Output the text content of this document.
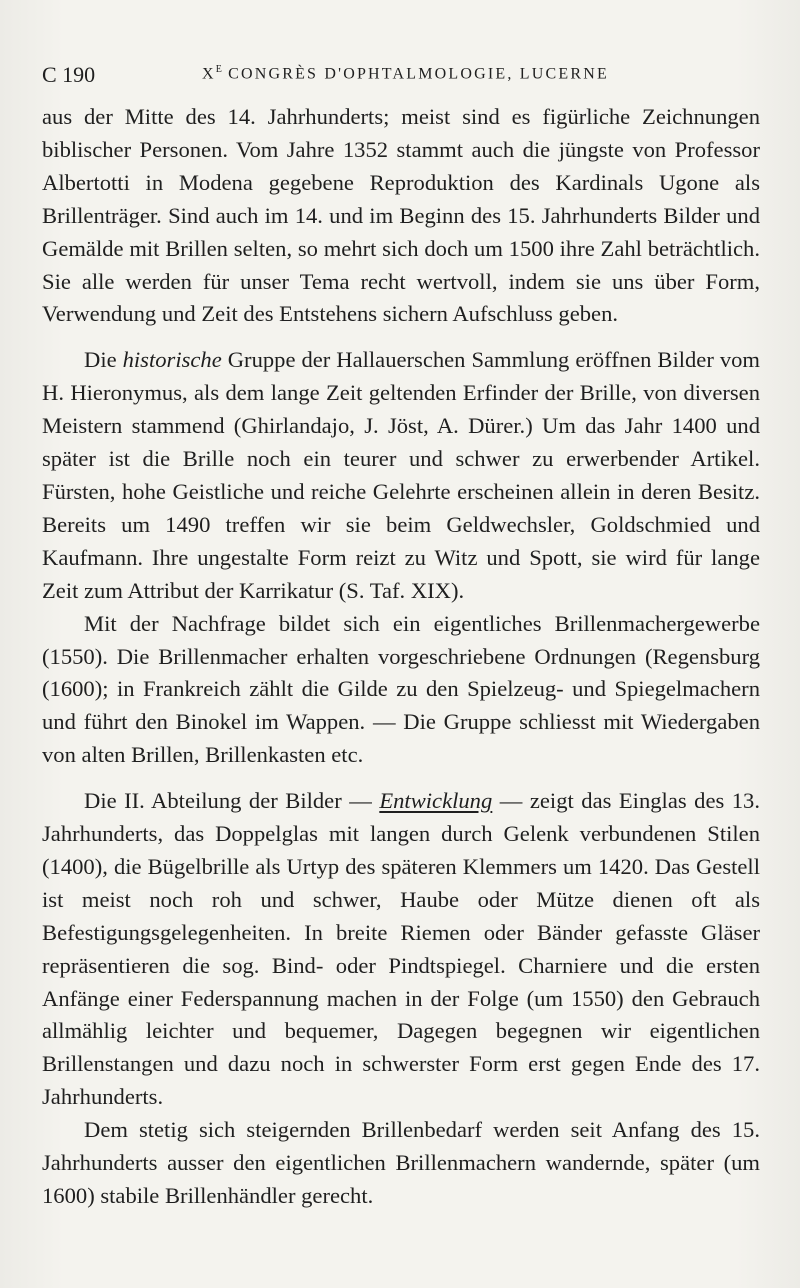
C 190	$X^E$ CONGRÈS D'OPHTALMOLOGIE, LUCERNE

aus der Mitte des 14. Jahrhunderts; meist sind es figürliche Zeichnungen biblischer Personen. Vom Jahre 1352 stammt auch die jüngste von Professor Albertotti in Modena gegebene Reproduktion des Kardinals Ugone als Brillenträger. Sind auch im 14. und im Beginn des 15. Jahrhunderts Bilder und Gemälde mit Brillen selten, so mehrt sich doch um 1500 ihre Zahl beträchtlich. Sie alle werden für unser Tema recht wertvoll, indem sie uns über Form, Verwendung und Zeit des Entstehens sichern Aufschluss geben.

Die historische Gruppe der Hallauerschen Sammlung eröffnen Bilder vom H. Hieronymus, als dem lange Zeit geltenden Erfinder der Brille, von diversen Meistern stammend (Ghirlandajo, J. Jöst, A. Dürer.) Um das Jahr 1400 und später ist die Brille noch ein teurer und schwer zu erwerbender Artikel. Fürsten, hohe Geistliche und reiche Gelehrte erscheinen allein in deren Besitz. Bereits um 1490 treffen wir sie beim Geldwechsler, Goldschmied und Kaufmann. Ihre ungestalte Form reizt zu Witz und Spott, sie wird für lange Zeit zum Attribut der Karrikatur (S. Taf. XIX).

Mit der Nachfrage bildet sich ein eigentliches Brillenmachergewerbe (1550). Die Brillenmacher erhalten vorgeschriebene Ordnungen (Regensburg (1600); in Frankreich zählt die Gilde zu den Spielzeug- und Spiegelmachern und führt den Binokel im Wappen. — Die Gruppe schliesst mit Wiedergaben von alten Brillen, Brillenkasten etc.

Die II. Abteilung der Bilder — Entwicklung — zeigt das Einglas des 13. Jahrhunderts, das Doppelglas mit langen durch Gelenk verbundenen Stilen (1400), die Bügelbrille als Urtyp des späteren Klemmers um 1420. Das Gestell ist meist noch roh und schwer, Haube oder Mütze dienen oft als Befestigungsgelegenheiten. In breite Riemen oder Bänder gefasste Gläser repräsentieren die sog. Bind- oder Pindtspiegel. Charniere und die ersten Anfänge einer Federspannung machen in der Folge (um 1550) den Gebrauch allmählig leichter und bequemer, Dagegen begegnen wir eigentlichen Brillenstangen und dazu noch in schwerster Form erst gegen Ende des 17. Jahrhunderts.

Dem stetig sich steigernden Brillenbedarf werden seit Anfang des 15. Jahrhunderts ausser den eigentlichen Brillenmachern wandernde, später (um 1600) stabile Brillenhändler gerecht.
